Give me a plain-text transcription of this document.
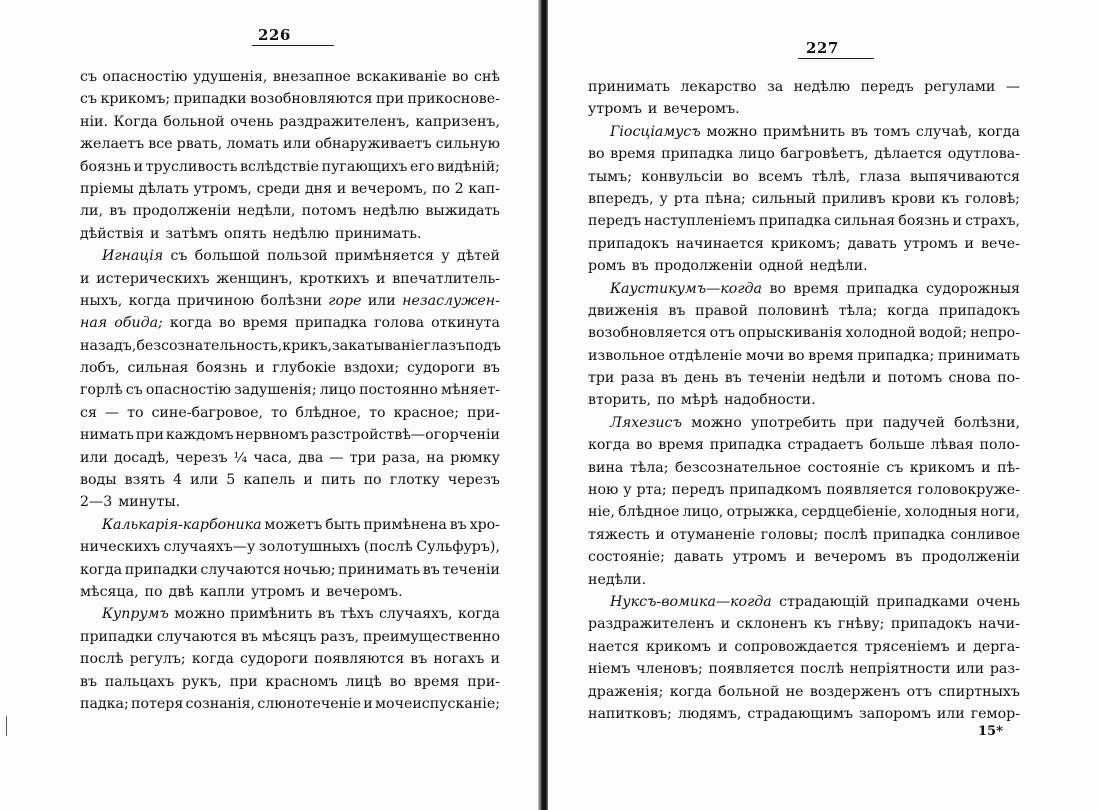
226
съ опасностію удушенія, внезапное вскакиваніе во снѣ
съ крикомъ; припадки возобновляются при прикоснове-
ніи. Когда больной очень раздражителенъ, капризенъ,
желаетъ все рвать, ломать или обнаруживаетъ сильную
боязнь и трусливость вслѣдствіе пугающихъ его видѣній;
пріемы дѣлать утромъ, среди дня и вечеромъ, по 2 кап-
ли, въ продолженіи недѣли, потомъ недѣлю выжидать
дѣйствія и затѣмъ опять недѣлю принимать.
Игнація съ большой пользой примѣняется у дѣтей
и истерическихъ женщинъ, кроткихъ и впечатлитель-
ныхъ, когда причиною болѣзни горе или незаслужен-
ная обида; когда во время припадка голова откинута
назадъ, безсознательность, крикъ, закатываніе глазъ подъ
лобъ, сильная боязнь и глубокіе вздохи; судороги въ
горлѣ съ опасностію задушенія; лицо постоянно мѣняет-
ся — то сине-багровое, то блѣдное, то красное; при-
нимать при каждомъ нервномъ разстройствѣ—огорченіи
или досадѣ, черезъ ¼ часа, два — три раза, на рюмку
воды взять 4 или 5 капель и пить по глотку черезъ
2—3 минуты.
Калькарія-карбоника можетъ быть примѣнена въ хро-
ническихъ случаяхъ—у золотушныхъ (послѣ Сульфуръ),
когда припадки случаются ночью; принимать въ теченіи
мѣсяца, по двѣ капли утромъ и вечеромъ.
Купрумъ можно примѣнить въ тѣхъ случаяхъ, когда
припадки случаются въ мѣсяцъ разъ, преимущественно
послѣ регулъ; когда судороги появляются въ ногахъ и
въ пальцахъ рукъ, при красномъ лицѣ во время при-
падка; потеря сознанія, слюнотеченіе и мочеиспусканіе;
227
принимать лекарство за недѣлю передъ регулами —
утромъ и вечеромъ.
Гіосціамусъ можно примѣнить въ томъ случаѣ, когда
во время припадка лицо багровѣетъ, дѣлается одутлова-
тымъ; конвульсіи во всемъ тѣлѣ, глаза выпячиваются
впередъ, у рта пѣна; сильный приливъ крови къ головѣ;
передъ наступленіемъ припадка сильная боязнь и страхъ,
припадокъ начинается крикомъ; давать утромъ и вече-
ромъ въ продолженіи одной недѣли.
Каустикумъ—когда во время припадка судорожныя
движенія въ правой половинѣ тѣла; когда припадокъ
возобновляется отъ опрыскиванія холодной водой; непро-
извольное отдѣленіе мочи во время припадка; принимать
три раза въ день въ теченіи недѣли и потомъ снова по-
вторить, по мѣрѣ надобности.
Ляхезисъ можно употребить при падучей болѣзни,
когда во время припадка страдаетъ больше лѣвая поло-
вина тѣла; безсознательное состояніе съ крикомъ и пѣ-
ною у рта; передъ припадкомъ появляется головокруже-
ніе, блѣдное лицо, отрыжка, сердцебіеніе, холодныя ноги,
тяжесть и отуманеніе головы; послѣ припадка сонливое
состояніе; давать утромъ и вечеромъ въ продолженіи
недѣли.
Нуксъ-вомика—когда страдающій припадками очень
раздражителенъ и склоненъ къ гнѣву; припадокъ начи-
нается крикомъ и сопровождается трясеніемъ и дерга-
ніемъ членовъ; появляется послѣ непріятности или раз-
драженія; когда больной не воздерженъ отъ спиртныхъ
напитковъ; людямъ, страдающимъ запоромъ или гемор-
15*
